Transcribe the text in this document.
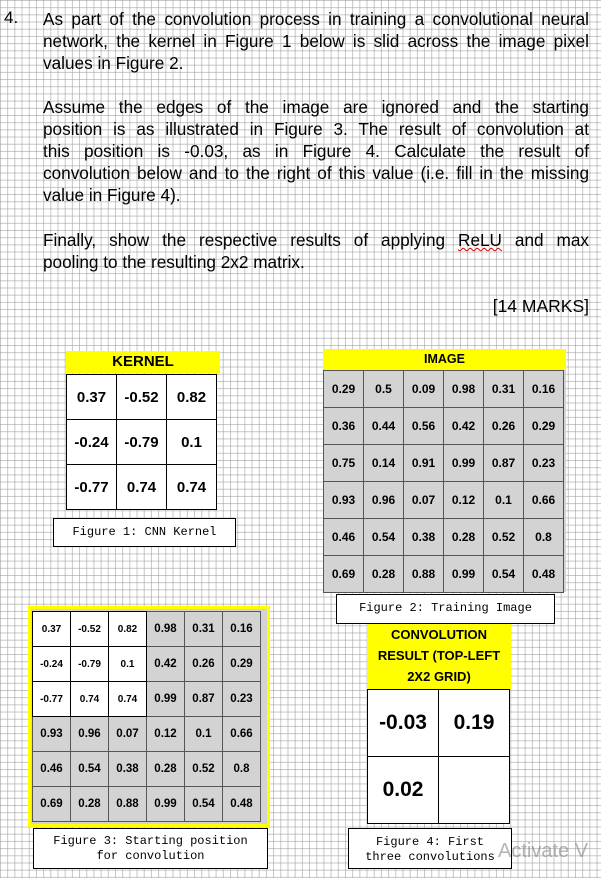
4. As part of the convolution process in training a convolutional neural
network, the kernel in Figure 1 below is slid across the image pixel
values in Figure 2.
Assume the edges of the image are ignored and the starting
position is as illustrated in Figure 3. The result of convolution at
this position is -0.03, as in Figure 4. Calculate the result of
convolution below and to the right of this value (i.e. fill in the missing
value in Figure 4).
Finally, show the respective results of applying ReLU and max
pooling to the resulting 2x2 matrix.
[14 MARKS]
KERNEL
0.37	-0.52	0.82
-0.24	-0.79	0.1
-0.77	0.74	0.74
Figure 1: CNN Kernel
IMAGE
0.29	0.5	0.09	0.98	0.31	0.16
0.36	0.44	0.56	0.42	0.26	0.29
0.75	0.14	0.91	0.99	0.87	0.23
0.93	0.96	0.07	0.12	0.1	0.66
0.46	0.54	0.38	0.28	0.52	0.8
0.69	0.28	0.88	0.99	0.54	0.48
Figure 2: Training Image
0.37	-0.52	0.82	0.98	0.31	0.16
-0.24	-0.79	0.1	0.42	0.26	0.29
-0.77	0.74	0.74	0.99	0.87	0.23
0.93	0.96	0.07	0.12	0.1	0.66
0.46	0.54	0.38	0.28	0.52	0.8
0.69	0.28	0.88	0.99	0.54	0.48
Figure 3: Starting position
for convolution
CONVOLUTION
RESULT (TOP-LEFT
2X2 GRID)
-0.03	0.19
0.02	
Figure 4: First
three convolutions Activate V
